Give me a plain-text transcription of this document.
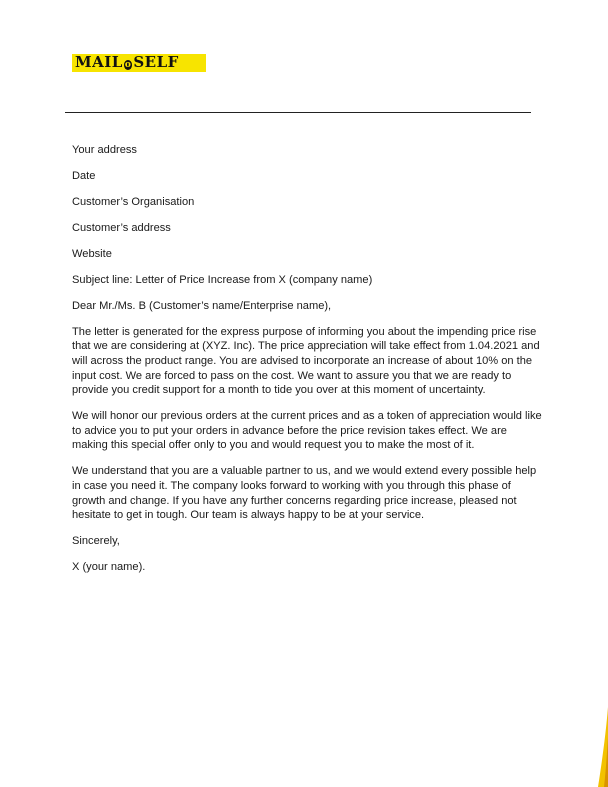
MAIL o SELF
Your address
Date
Customer’s Organisation
Customer’s address
Website
Subject line: Letter of Price Increase from X (company name)
Dear Mr./Ms. B (Customer’s name/Enterprise name),
The letter is generated for the express purpose of informing you about the impending price rise
that we are considering at (XYZ. Inc). The price appreciation will take effect from 1.04.2021 and
will across the product range. You are advised to incorporate an increase of about 10% on the
input cost. We are forced to pass on the cost. We want to assure you that we are ready to
provide you credit support for a month to tide you over at this moment of uncertainty.
We will honor our previous orders at the current prices and as a token of appreciation would like
to advice you to put your orders in advance before the price revision takes effect. We are
making this special offer only to you and would request you to make the most of it.
We understand that you are a valuable partner to us, and we would extend every possible help
in case you need it. The company looks forward to working with you through this phase of
growth and change. If you have any further concerns regarding price increase, pleased not
hesitate to get in tough. Our team is always happy to be at your service.
Sincerely,
X (your name).
